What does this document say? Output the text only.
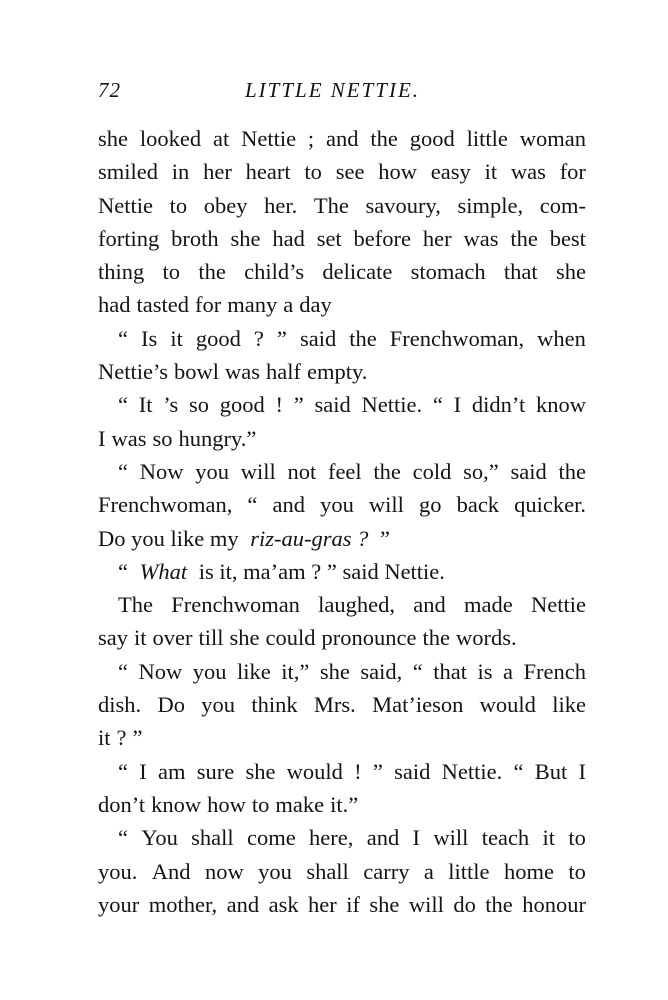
72	LITTLE NETTIE.
she looked at Nettie ; and the good little woman
smiled in her heart to see how easy it was for
Nettie to obey her. The savoury, simple, com-
forting broth she had set before her was the best
thing to the child’s delicate stomach that she
had tasted for many a day
“ Is it good ? ” said the Frenchwoman, when
Nettie’s bowl was half empty.
“ It ’s so good ! ” said Nettie. “ I didn’t know
I was so hungry.”
“ Now you will not feel the cold so,” said the
Frenchwoman, “ and you will go back quicker.
Do you like my riz-au-gras ? ”
“ What is it, ma’am ? ” said Nettie.
The Frenchwoman laughed, and made Nettie
say it over till she could pronounce the words.
“ Now you like it,” she said, “ that is a French
dish. Do you think Mrs. Mat’ieson would like
it ? ”
“ I am sure she would ! ” said Nettie. “ But I
don’t know how to make it.”
“ You shall come here, and I will teach it to
you. And now you shall carry a little home to
your mother, and ask her if she will do the honour
